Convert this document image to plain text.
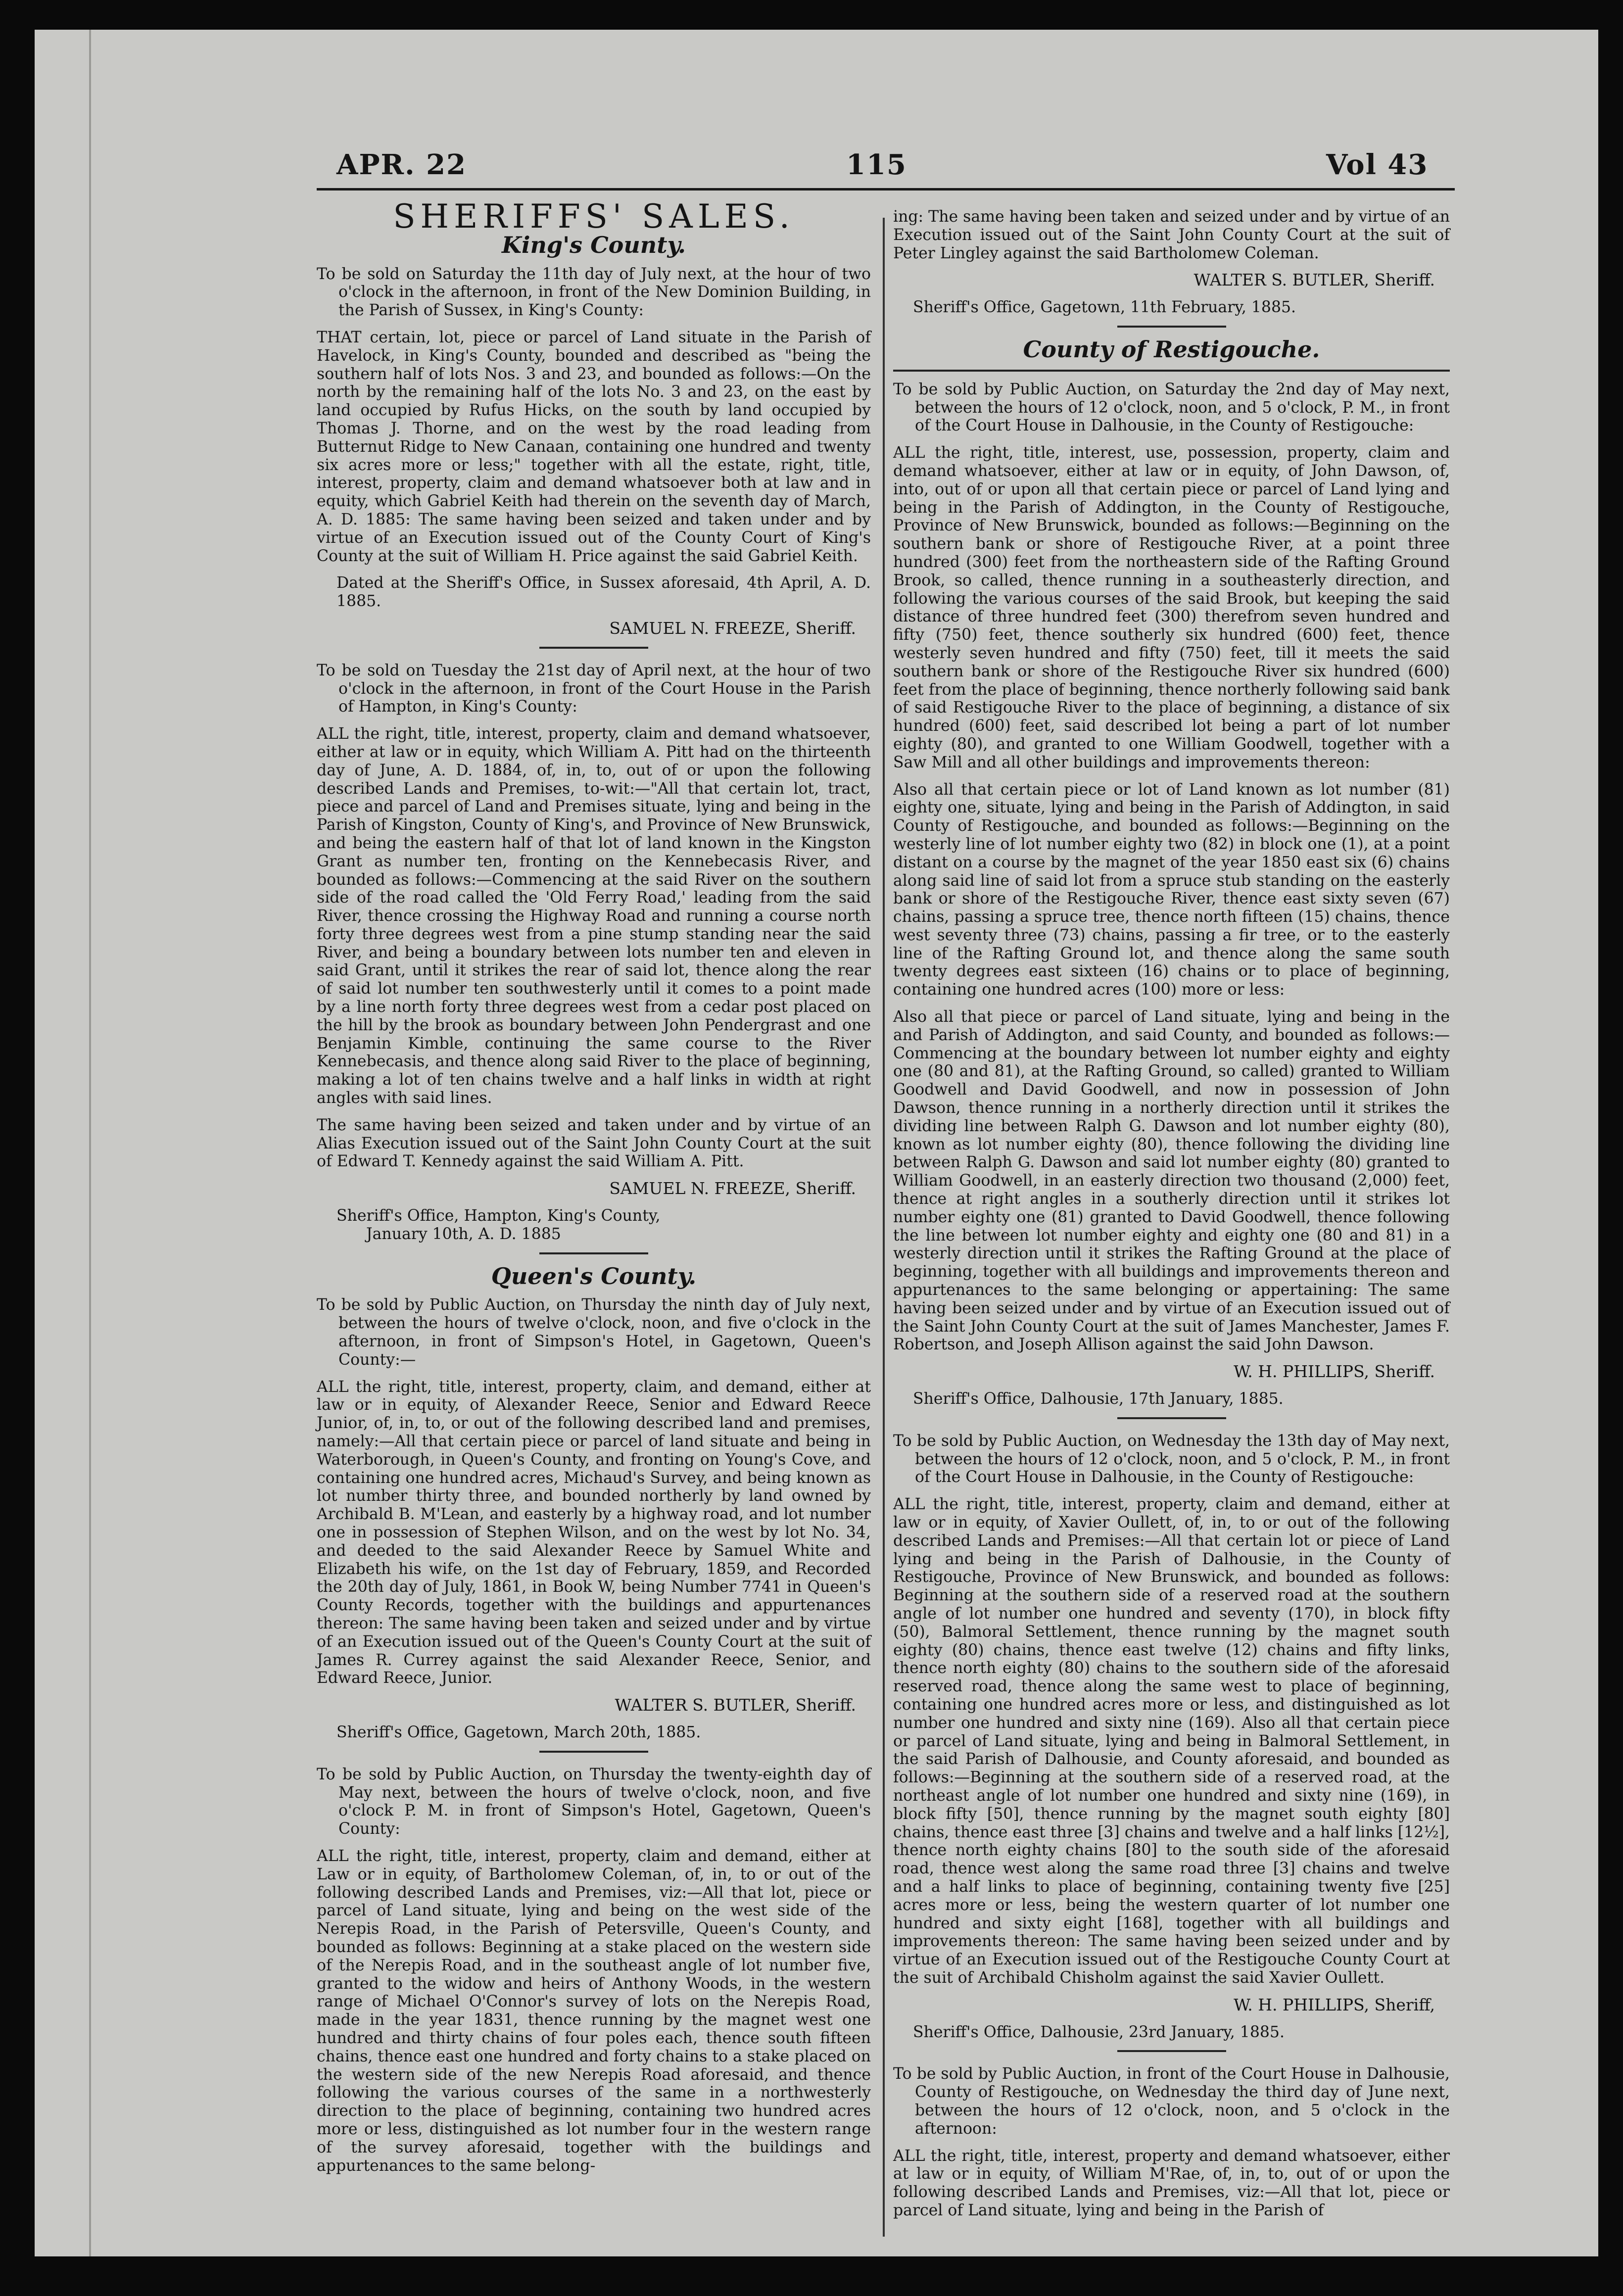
APR. 22	115	Vol 43
SHERIFFS' SALES.
King's County.

To be sold on Saturday the 11th day of July next, at the hour of two o'clock in the afternoon, in front of the New Dominion Building, in the Parish of Sussex, in King's County:

THAT certain, lot, piece or parcel of Land situate in the Parish of Havelock, in King's County, bounded and described as "being the southern half of lots Nos. 3 and 23, and bounded as follows:—On the north by the remaining half of the lots No. 3 and 23, on the east by land occupied by Rufus Hicks, on the south by land occupied by Thomas J. Thorne, and on the west by the road leading from Butternut Ridge to New Canaan, containing one hundred and twenty six acres more or less;" together with all the estate, right, title, interest, property, claim and demand whatsoever both at law and in equity, which Gabriel Keith had therein on the seventh day of March, A. D. 1885: The same having been seized and taken under and by virtue of an Execution issued out of the County Court of King's County at the suit of William H. Price against the said Gabriel Keith.

Dated at the Sheriff's Office, in Sussex aforesaid, 4th April, A. D. 1885.

SAMUEL N. FREEZE, Sheriff.

To be sold on Tuesday the 21st day of April next, at the hour of two o'clock in the afternoon, in front of the Court House in the Parish of Hampton, in King's County:

ALL the right, title, interest, property, claim and demand whatsoever, either at law or in equity, which William A. Pitt had on the thirteenth day of June, A. D. 1884, of, in, to, out of or upon the following described Lands and Premises, to-wit:—"All that certain lot, tract, piece and parcel of Land and Premises situate, lying and being in the Parish of Kingston, County of King's, and Province of New Brunswick, and being the eastern half of that lot of land known in the Kingston Grant as number ten, fronting on the Kennebecasis River, and bounded as follows:—Commencing at the said River on the southern side of the road called the 'Old Ferry Road,' leading from the said River, thence crossing the Highway Road and running a course north forty three degrees west from a pine stump standing near the said River, and being a boundary between lots number ten and eleven in said Grant, until it strikes the rear of said lot, thence along the rear of said lot number ten southwesterly until it comes to a point made by a line north forty three degrees west from a cedar post placed on the hill by the brook as boundary between John Pendergrast and one Benjamin Kimble, continuing the same course to the River Kennebecasis, and thence along said River to the place of beginning, making a lot of ten chains twelve and a half links in width at right angles with said lines.

The same having been seized and taken under and by virtue of an Alias Execution issued out of the Saint John County Court at the suit of Edward T. Kennedy against the said William A. Pitt.

SAMUEL N. FREEZE, Sheriff.

Sheriff's Office, Hampton, King's County,

January 10th, A. D. 1885

Queen's County.

To be sold by Public Auction, on Thursday the ninth day of July next, between the hours of twelve o'clock, noon, and five o'clock in the afternoon, in front of Simpson's Hotel, in Gagetown, Queen's County:—

ALL the right, title, interest, property, claim, and demand, either at law or in equity, of Alexander Reece, Senior and Edward Reece Junior, of, in, to, or out of the following described land and premises, namely:—All that certain piece or parcel of land situate and being in Waterborough, in Queen's County, and fronting on Young's Cove, and containing one hundred acres, Michaud's Survey, and being known as lot number thirty three, and bounded northerly by land owned by Archibald B. M'Lean, and easterly by a highway road, and lot number one in possession of Stephen Wilson, and on the west by lot No. 34, and deeded to the said Alexander Reece by Samuel White and Elizabeth his wife, on the 1st day of February, 1859, and Recorded the 20th day of July, 1861, in Book W, being Number 7741 in Queen's County Records, together with the buildings and appurtenances thereon: The same having been taken and seized under and by virtue of an Execution issued out of the Queen's County Court at the suit of James R. Currey against the said Alexander Reece, Senior, and Edward Reece, Junior.

WALTER S. BUTLER, Sheriff.

Sheriff's Office, Gagetown, March 20th, 1885.

To be sold by Public Auction, on Thursday the twenty-eighth day of May next, between the hours of twelve o'clock, noon, and five o'clock P. M. in front of Simpson's Hotel, Gagetown, Queen's County:

ALL the right, title, interest, property, claim and demand, either at Law or in equity, of Bartholomew Coleman, of, in, to or out of the following described Lands and Premises, viz:—All that lot, piece or parcel of Land situate, lying and being on the west side of the Nerepis Road, in the Parish of Petersville, Queen's County, and bounded as follows: Beginning at a stake placed on the western side of the Nerepis Road, and in the southeast angle of lot number five, granted to the widow and heirs of Anthony Woods, in the western range of Michael O'Connor's survey of lots on the Nerepis Road, made in the year 1831, thence running by the magnet west one hundred and thirty chains of four poles each, thence south fifteen chains, thence east one hundred and forty chains to a stake placed on the western side of the new Nerepis Road aforesaid, and thence following the various courses of the same in a northwesterly direction to the place of beginning, containing two hundred acres more or less, distinguished as lot number four in the western range of the survey aforesaid, together with the buildings and appurtenances to the same belong-

ing: The same having been taken and seized under and by virtue of an Execution issued out of the Saint John County Court at the suit of Peter Lingley against the said Bartholomew Coleman.

WALTER S. BUTLER, Sheriff.

Sheriff's Office, Gagetown, 11th February, 1885.

County of Restigouche.

To be sold by Public Auction, on Saturday the 2nd day of May next, between the hours of 12 o'clock, noon, and 5 o'clock, P. M., in front of the Court House in Dalhousie, in the County of Restigouche:

ALL the right, title, interest, use, possession, property, claim and demand whatsoever, either at law or in equity, of John Dawson, of, into, out of or upon all that certain piece or parcel of Land lying and being in the Parish of Addington, in the County of Restigouche, Province of New Brunswick, bounded as follows:—Beginning on the southern bank or shore of Restigouche River, at a point three hundred (300) feet from the northeastern side of the Rafting Ground Brook, so called, thence running in a southeasterly direction, and following the various courses of the said Brook, but keeping the said distance of three hundred feet (300) therefrom seven hundred and fifty (750) feet, thence southerly six hundred (600) feet, thence westerly seven hundred and fifty (750) feet, till it meets the said southern bank or shore of the Restigouche River six hundred (600) feet from the place of beginning, thence northerly following said bank of said Restigouche River to the place of beginning, a distance of six hundred (600) feet, said described lot being a part of lot number eighty (80), and granted to one William Goodwell, together with a Saw Mill and all other buildings and improvements thereon:

Also all that certain piece or lot of Land known as lot number (81) eighty one, situate, lying and being in the Parish of Addington, in said County of Restigouche, and bounded as follows:—Beginning on the westerly line of lot number eighty two (82) in block one (1), at a point distant on a course by the magnet of the year 1850 east six (6) chains along said line of said lot from a spruce stub standing on the easterly bank or shore of the Restigouche River, thence east sixty seven (67) chains, passing a spruce tree, thence north fifteen (15) chains, thence west seventy three (73) chains, passing a fir tree, or to the easterly line of the Rafting Ground lot, and thence along the same south twenty degrees east sixteen (16) chains or to place of beginning, containing one hundred acres (100) more or less:

Also all that piece or parcel of Land situate, lying and being in the and Parish of Addington, and said County, and bounded as follows:—Commencing at the boundary between lot number eighty and eighty one (80 and 81), at the Rafting Ground, so called) granted to William Goodwell and David Goodwell, and now in possession of John Dawson, thence running in a northerly direction until it strikes the dividing line between Ralph G. Dawson and lot number eighty (80), known as lot number eighty (80), thence following the dividing line between Ralph G. Dawson and said lot number eighty (80) granted to William Goodwell, in an easterly direction two thousand (2,000) feet, thence at right angles in a southerly direction until it strikes lot number eighty one (81) granted to David Goodwell, thence following the line between lot number eighty and eighty one (80 and 81) in a westerly direction until it strikes the Rafting Ground at the place of beginning, together with all buildings and improvements thereon and appurtenances to the same belonging or appertaining: The same having been seized under and by virtue of an Execution issued out of the Saint John County Court at the suit of James Manchester, James F. Robertson, and Joseph Allison against the said John Dawson.

W. H. PHILLIPS, Sheriff.

Sheriff's Office, Dalhousie, 17th January, 1885.

To be sold by Public Auction, on Wednesday the 13th day of May next, between the hours of 12 o'clock, noon, and 5 o'clock, P. M., in front of the Court House in Dalhousie, in the County of Restigouche:

ALL the right, title, interest, property, claim and demand, either at law or in equity, of Xavier Oullett, of, in, to or out of the following described Lands and Premises:—All that certain lot or piece of Land lying and being in the Parish of Dalhousie, in the County of Restigouche, Province of New Brunswick, and bounded as follows: Beginning at the southern side of a reserved road at the southern angle of lot number one hundred and seventy (170), in block fifty (50), Balmoral Settlement, thence running by the magnet south eighty (80) chains, thence east twelve (12) chains and fifty links, thence north eighty (80) chains to the southern side of the aforesaid reserved road, thence along the same west to place of beginning, containing one hundred acres more or less, and distinguished as lot number one hundred and sixty nine (169). Also all that certain piece or parcel of Land situate, lying and being in Balmoral Settlement, in the said Parish of Dalhousie, and County aforesaid, and bounded as follows:—Beginning at the southern side of a reserved road, at the northeast angle of lot number one hundred and sixty nine (169), in block fifty [50], thence running by the magnet south eighty [80] chains, thence east three [3] chains and twelve and a half links [12½], thence north eighty chains [80] to the south side of the aforesaid road, thence west along the same road three [3] chains and twelve and a half links to place of beginning, containing twenty five [25] acres more or less, being the western quarter of lot number one hundred and sixty eight [168], together with all buildings and improvements thereon: The same having been seized under and by virtue of an Execution issued out of the Restigouche County Court at the suit of Archibald Chisholm against the said Xavier Oullett.

W. H. PHILLIPS, Sheriff,

Sheriff's Office, Dalhousie, 23rd January, 1885.

To be sold by Public Auction, in front of the Court House in Dalhousie, County of Restigouche, on Wednesday the third day of June next, between the hours of 12 o'clock, noon, and 5 o'clock in the afternoon:

ALL the right, title, interest, property and demand whatsoever, either at law or in equity, of William M'Rae, of, in, to, out of or upon the following described Lands and Premises, viz:—All that lot, piece or parcel of Land situate, lying and being in the Parish of
